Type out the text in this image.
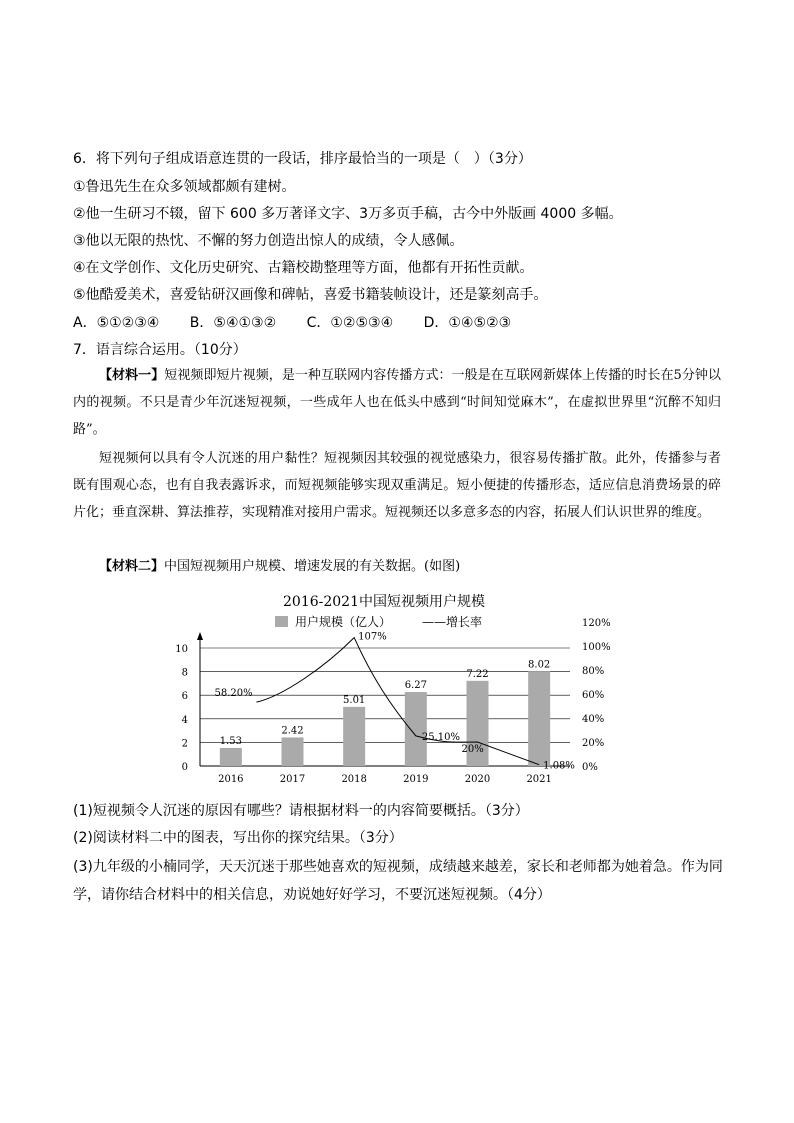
6．将下列句子组成语意连贯的一段话，排序最恰当的一项是（　）（3分）
①鲁迅先生在众多领域都颇有建树。
②他一生研习不辍，留下 600 多万著译文字、3万多页手稿，古今中外版画 4000 多幅。
③他以无限的热忱、不懈的努力创造出惊人的成绩，令人感佩。
④在文学创作、文化历史研究、古籍校勘整理等方面，他都有开拓性贡献。
⑤他酷爱美术，喜爱钻研汉画像和碑帖，喜爱书籍装帧设计，还是篆刻高手。
A．⑤①②③④ B．⑤④①③② C．①②⑤③④ D．①④⑤②③
7．语言综合运用。（10分）
【材料一】短视频即短片视频，是一种互联网内容传播方式：一般是在互联网新媒体上传播的时长在5分钟以内的视频。不只是青少年沉迷短视频，一些成年人也在低头中感到“时间知觉麻木”，在虚拟世界里“沉醉不知归路”。
短视频何以具有令人沉迷的用户黏性？短视频因其较强的视觉感染力，很容易传播扩散。此外，传播参与者既有围观心态，也有自我表露诉求，而短视频能够实现双重满足。短小便捷的传播形态，适应信息消费场景的碎片化；垂直深耕、算法推荐，实现精准对接用户需求。短视频还以多意多态的内容，拓展人们认识世界的维度。
【材料二】中国短视频用户规模、增速发展的有关数据。(如图)
2016-2021中国短视频用户规模
用户规模（亿人）	——增长率
0
2
4
6
8
10
0%
20%
40%
60%
80%
100%
120%
2016	2017	2018	2019	2020	2021
1.53
2.42
5.01
6.27
7.22
8.02
58.20%
107%
25.10%
20%
1.08%
(1)短视频令人沉迷的原因有哪些？请根据材料一的内容简要概括。（3分）
(2)阅读材料二中的图表，写出你的探究结果。（3分）
(3)九年级的小楠同学，天天沉迷于那些她喜欢的短视频，成绩越来越差，家长和老师都为她着急。作为同
学，请你结合材料中的相关信息，劝说她好好学习，不要沉迷短视频。（4分）
